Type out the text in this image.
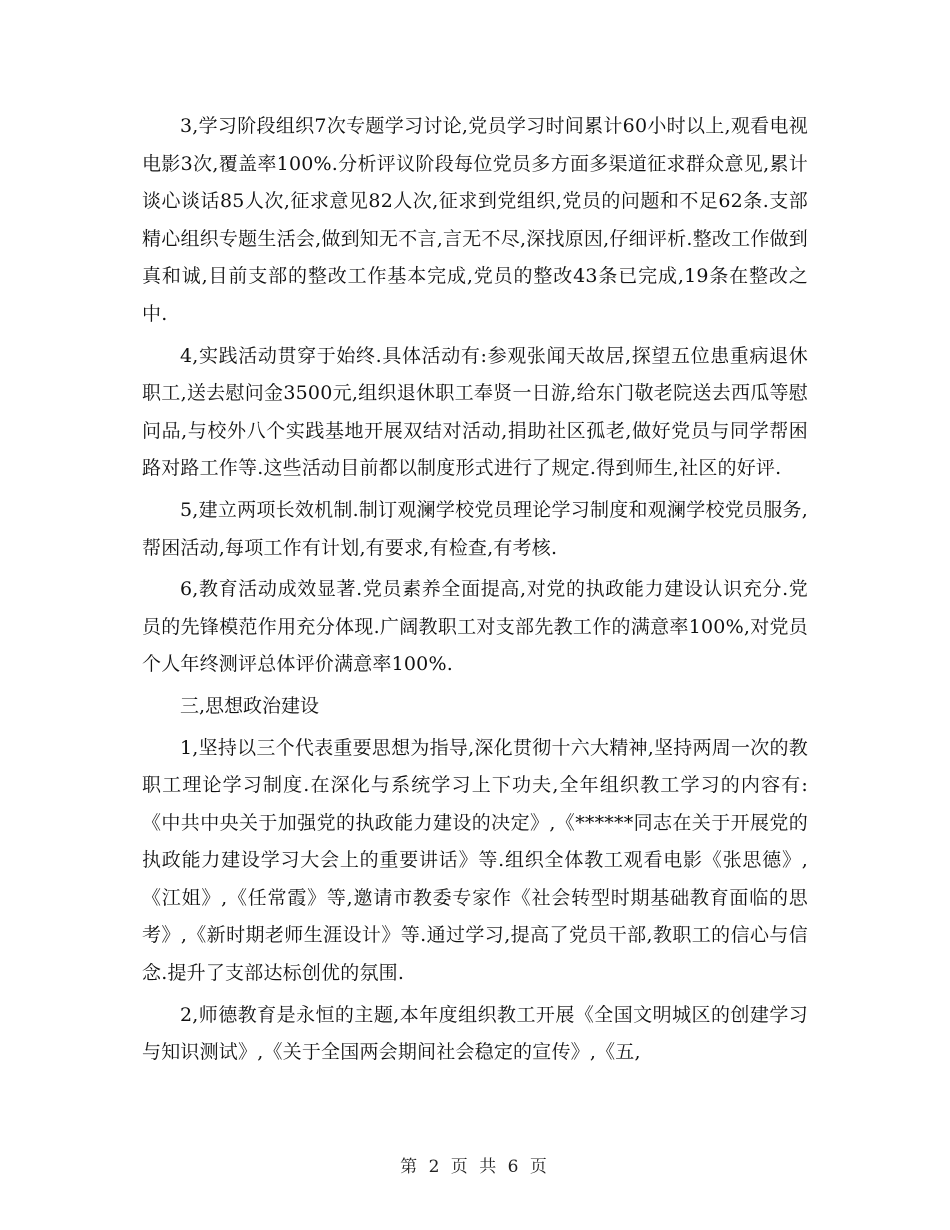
3,学习阶段组织7次专题学习讨论,党员学习时间累计60小时以上,观看电视电影3次,覆盖率100%.分析评议阶段每位党员多方面多渠道征求群众意见,累计谈心谈话85人次,征求意见82人次,征求到党组织,党员的问题和不足62条.支部精心组织专题生活会,做到知无不言,言无不尽,深找原因,仔细评析.整改工作做到真和诚,目前支部的整改工作基本完成,党员的整改43条已完成,19条在整改之中.

4,实践活动贯穿于始终.具体活动有:参观张闻天故居,探望五位患重病退休职工,送去慰问金3500元,组织退休职工奉贤一日游,给东门敬老院送去西瓜等慰问品,与校外八个实践基地开展双结对活动,捐助社区孤老,做好党员与同学帮困路对路工作等.这些活动目前都以制度形式进行了规定.得到师生,社区的好评.

5,建立两项长效机制.制订观澜学校党员理论学习制度和观澜学校党员服务,帮困活动,每项工作有计划,有要求,有检查,有考核.

6,教育活动成效显著.党员素养全面提高,对党的执政能力建设认识充分.党员的先锋模范作用充分体现.广阔教职工对支部先教工作的满意率100%,对党员个人年终测评总体评价满意率100%.

三,思想政治建设

1,坚持以三个代表重要思想为指导,深化贯彻十六大精神,坚持两周一次的教职工理论学习制度.在深化与系统学习上下功夫,全年组织教工学习的内容有:《中共中央关于加强党的执政能力建设的决定》,《******同志在关于开展党的执政能力建设学习大会上的重要讲话》等.组织全体教工观看电影《张思德》,《江姐》,《任常霞》等,邀请市教委专家作《社会转型时期基础教育面临的思考》,《新时期老师生涯设计》等.通过学习,提高了党员干部,教职工的信心与信念.提升了支部达标创优的氛围.

2,师德教育是永恒的主题,本年度组织教工开展《全国文明城区的创建学习与知识测试》,《关于全国两会期间社会稳定的宣传》,《五,

第 2 页 共 6 页
